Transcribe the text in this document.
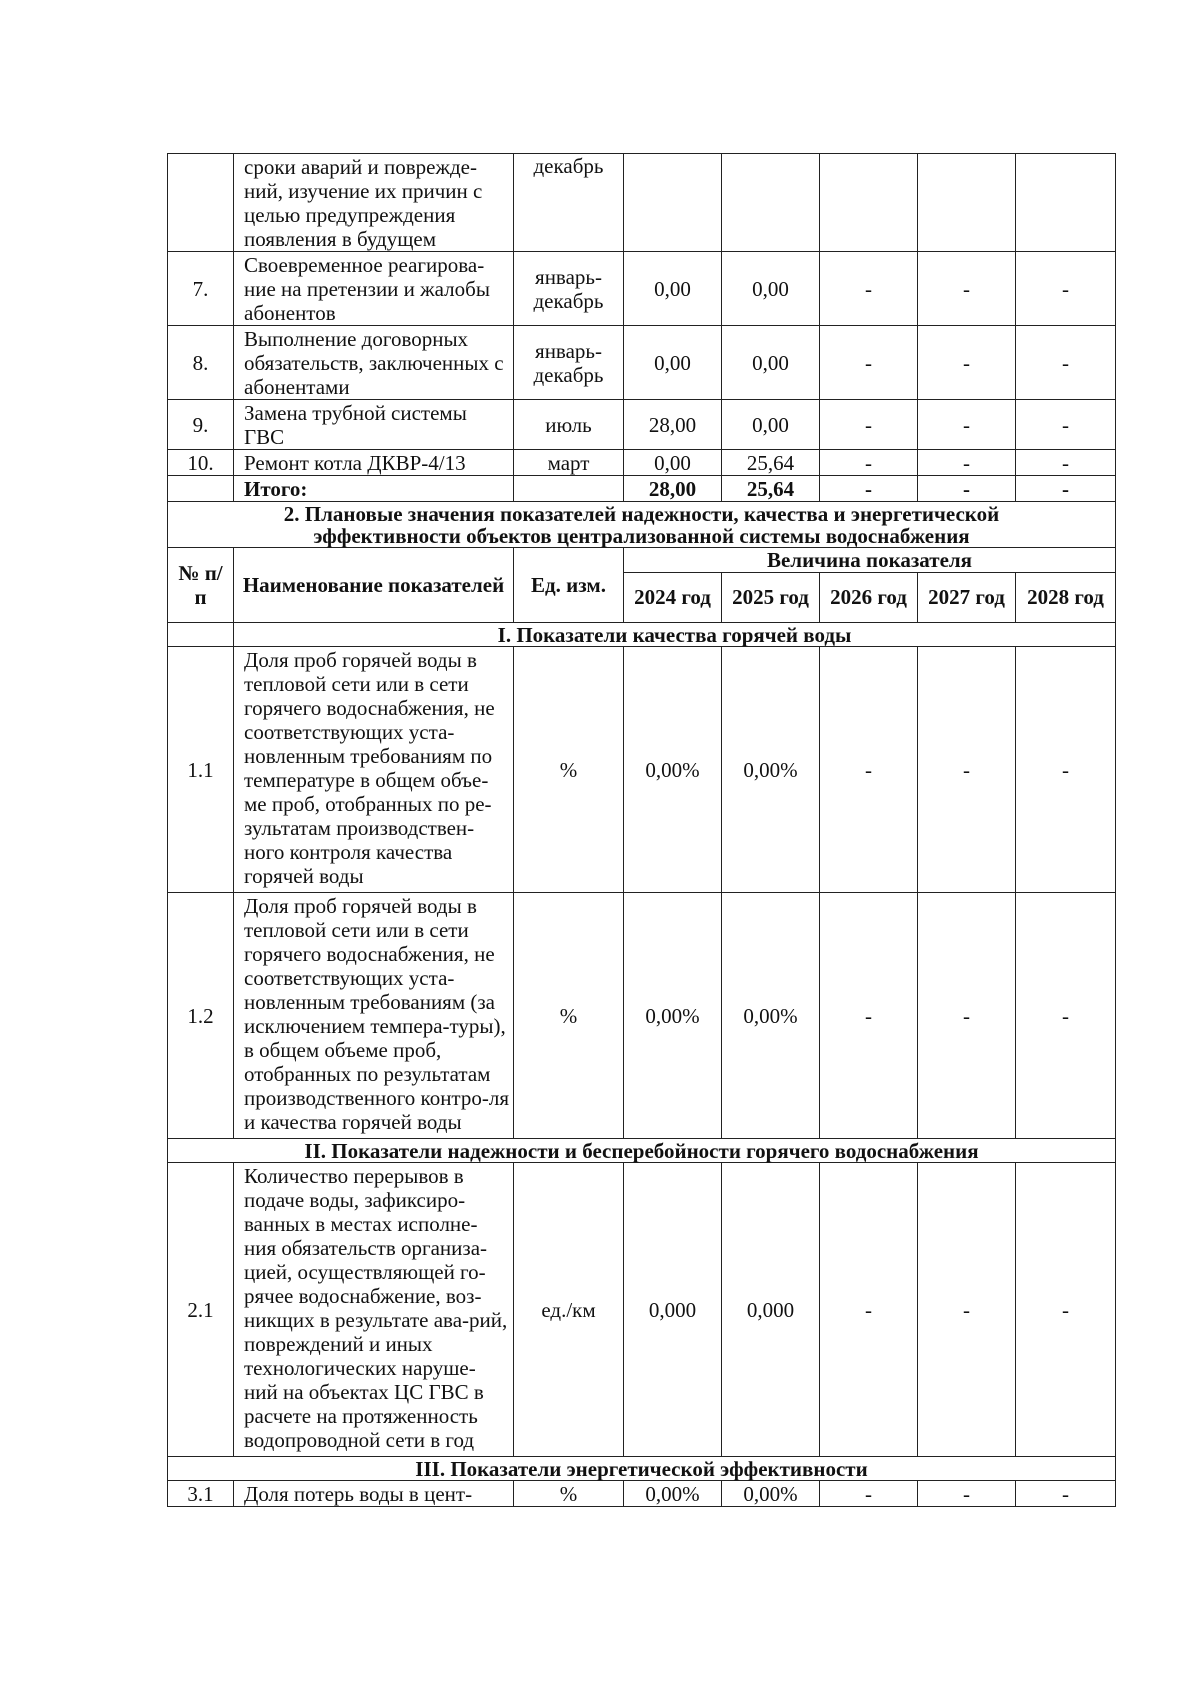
	сроки аварий и поврежде-ний, изучение их причин с целью предупреждения появления в будущем	декабрь					
7.	Своевременное реагирова-ние на претензии и жалобы абонентов	январь-декабрь	0,00	0,00	-	-	-
8.	Выполнение договорных обязательств, заключенных с абонентами	январь-декабрь	0,00	0,00	-	-	-
9.	Замена трубной системы ГВС	июль	28,00	0,00	-	-	-
10.	Ремонт котла ДКВР-4/13	март	0,00	25,64	-	-	-
	Итого:		28,00	25,64	-	-	-
2. Плановые значения показателей надежности, качества и энергетической эффективности объектов централизованной системы водоснабжения							
№ п/п	Наименование показателей	Ед. изм.	Величина показателя				
			2024 год	2025 год	2026 год	2027 год	2028 год
	I. Показатели качества горячей воды						
1.1	Доля проб горячей воды в тепловой сети или в сети горячего водоснабжения, не соответствующих уста-новленным требованиям по температуре в общем объе-ме проб, отобранных по ре-зультатам производствен-ного контроля качества горячей воды	%	0,00%	0,00%	-	-	-
1.2	Доля проб горячей воды в тепловой сети или в сети горячего водоснабжения, не соответствующих уста-новленным требованиям (за исключением темпера-туры), в общем объеме проб, отобранных по результатам производственного контро-ля и качества горячей воды	%	0,00%	0,00%	-	-	-
II. Показатели надежности и бесперебойности горячего водоснабжения							
2.1	Количество перерывов в подаче воды, зафиксиро-ванных в местах исполне-ния обязательств организа-цией, осуществляющей го-рячее водоснабжение, воз-никщих в результате ава-рий, повреждений и иных технологических наруше-ний на объектах ЦС ГВС в расчете на протяженность водопроводной сети в год	ед./км	0,000	0,000	-	-	-
III. Показатели энергетической эффективности							
3.1	Доля потерь воды в цент-	%	0,00%	0,00%	-	-	-
